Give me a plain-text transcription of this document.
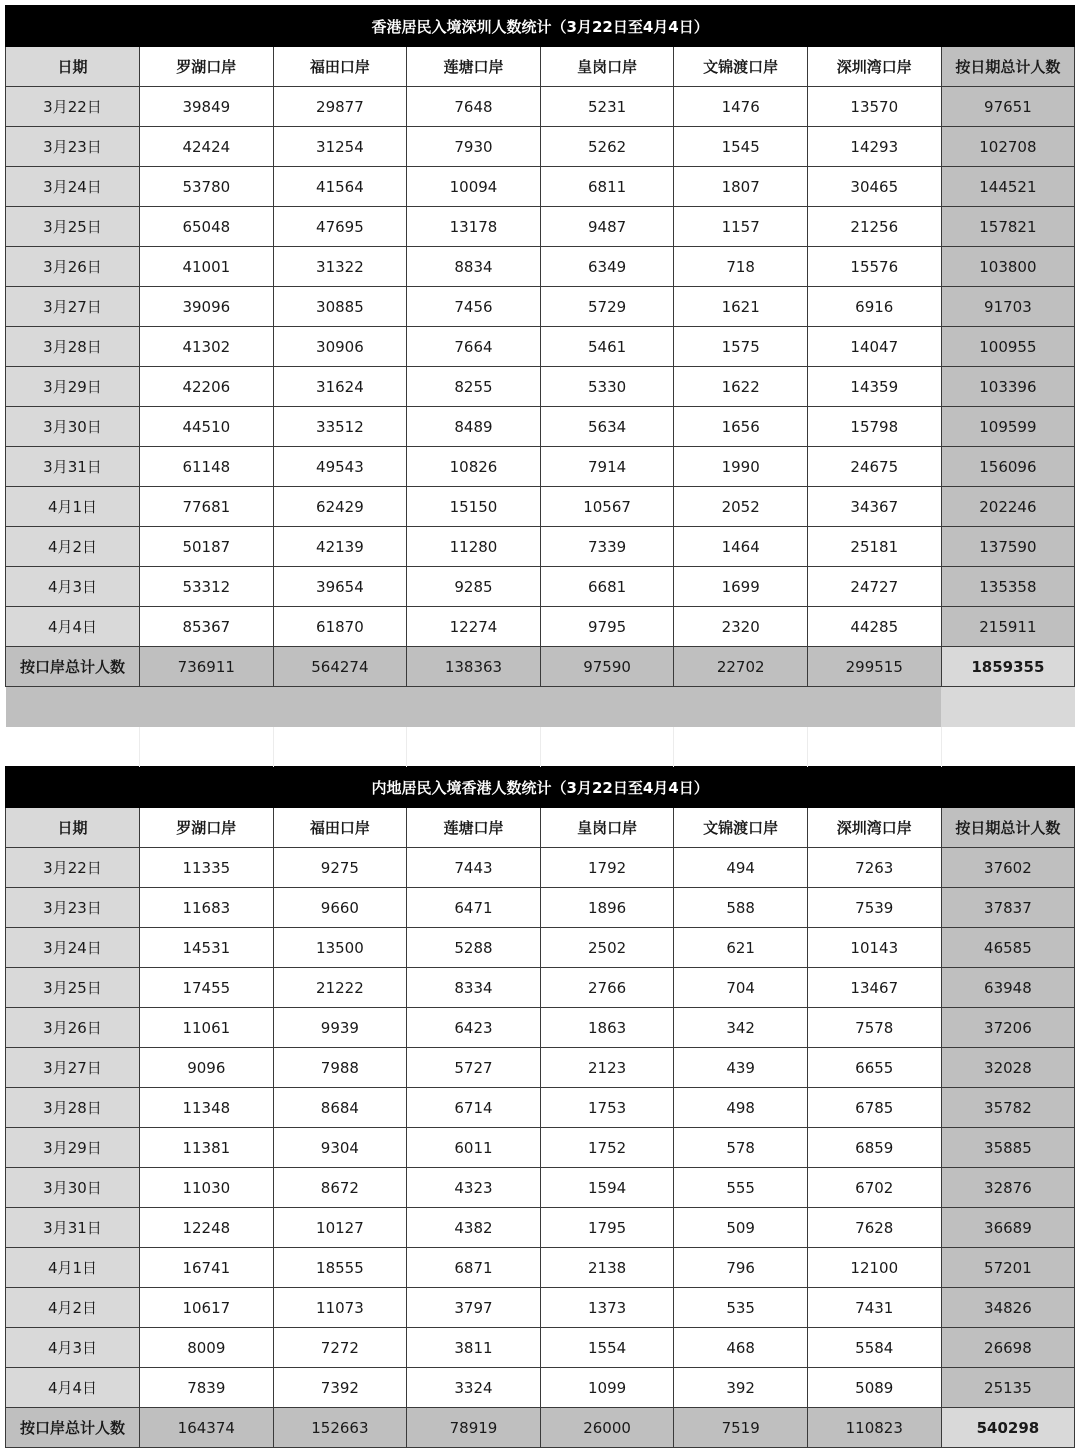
香港居民入境深圳人数统计（3月22日至4月4日）							
日期	罗湖口岸	福田口岸	莲塘口岸	皇岗口岸	文锦渡口岸	深圳湾口岸	按日期总计人数
3月22日	39849	29877	7648	5231	1476	13570	97651
3月23日	42424	31254	7930	5262	1545	14293	102708
3月24日	53780	41564	10094	6811	1807	30465	144521
3月25日	65048	47695	13178	9487	1157	21256	157821
3月26日	41001	31322	8834	6349	718	15576	103800
3月27日	39096	30885	7456	5729	1621	6916	91703
3月28日	41302	30906	7664	5461	1575	14047	100955
3月29日	42206	31624	8255	5330	1622	14359	103396
3月30日	44510	33512	8489	5634	1656	15798	109599
3月31日	61148	49543	10826	7914	1990	24675	156096
4月1日	77681	62429	15150	10567	2052	34367	202246
4月2日	50187	42139	11280	7339	1464	25181	137590
4月3日	53312	39654	9285	6681	1699	24727	135358
4月4日	85367	61870	12274	9795	2320	44285	215911
按口岸总计人数	736911	564274	138363	97590	22702	299515	1859355

内地居民入境香港人数统计（3月22日至4月4日）							
日期	罗湖口岸	福田口岸	莲塘口岸	皇岗口岸	文锦渡口岸	深圳湾口岸	按日期总计人数
3月22日	11335	9275	7443	1792	494	7263	37602
3月23日	11683	9660	6471	1896	588	7539	37837
3月24日	14531	13500	5288	2502	621	10143	46585
3月25日	17455	21222	8334	2766	704	13467	63948
3月26日	11061	9939	6423	1863	342	7578	37206
3月27日	9096	7988	5727	2123	439	6655	32028
3月28日	11348	8684	6714	1753	498	6785	35782
3月29日	11381	9304	6011	1752	578	6859	35885
3月30日	11030	8672	4323	1594	555	6702	32876
3月31日	12248	10127	4382	1795	509	7628	36689
4月1日	16741	18555	6871	2138	796	12100	57201
4月2日	10617	11073	3797	1373	535	7431	34826
4月3日	8009	7272	3811	1554	468	5584	26698
4月4日	7839	7392	3324	1099	392	5089	25135
按口岸总计人数	164374	152663	78919	26000	7519	110823	540298
